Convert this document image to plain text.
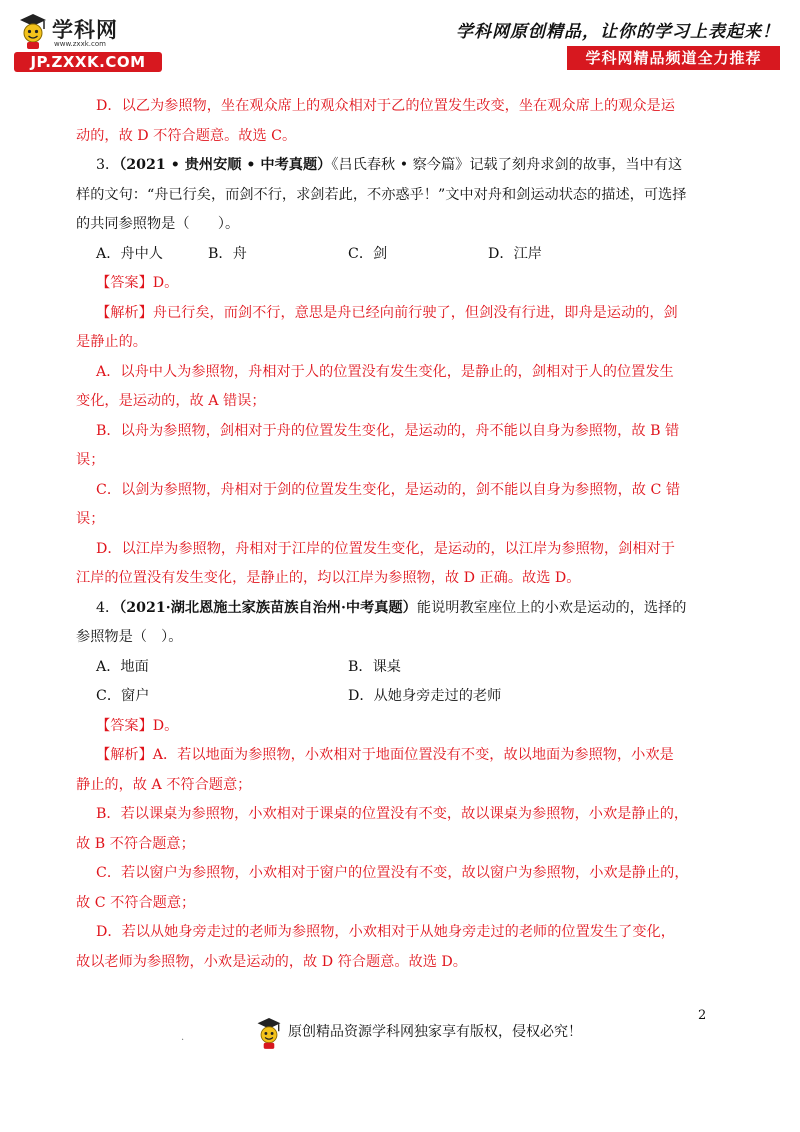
学科网
www.zxxk.com
JP.ZXXK.COM
学科网原创精品，让你的学习上表起来！
学科网精品频道全力推荐

D．以乙为参照物，坐在观众席上的观众相对于乙的位置发生改变，坐在观众席上的观众是运

动的，故 D 不符合题意。故选 C。

3．（2021 • 贵州安顺 • 中考真题）《吕氏春秋 • 察今篇》记载了刻舟求剑的故事，当中有这

样的文句：“舟已行矣，而剑不行，求剑若此，不亦惑乎！”文中对舟和剑运动状态的描述，可选择

的共同参照物是（　　）。

A．舟中人	B．舟	C．剑	D．江岸

【答案】D。

【解析】舟已行矣，而剑不行，意思是舟已经向前行驶了，但剑没有行进，即舟是运动的，剑

是静止的。

A．以舟中人为参照物，舟相对于人的位置没有发生变化，是静止的，剑相对于人的位置发生

变化，是运动的，故 A 错误；

B．以舟为参照物，剑相对于舟的位置发生变化，是运动的，舟不能以自身为参照物，故 B 错

误；

C．以剑为参照物，舟相对于剑的位置发生变化，是运动的，剑不能以自身为参照物，故 C 错

误；

D．以江岸为参照物，舟相对于江岸的位置发生变化，是运动的，以江岸为参照物，剑相对于

江岸的位置没有发生变化，是静止的，均以江岸为参照物，故 D 正确。故选 D。

4．（2021·湖北恩施土家族苗族自治州·中考真题）能说明教室座位上的小欢是运动的，选择的

参照物是（　）。

A．地面	B．课桌
C．窗户	D．从她身旁走过的老师

【答案】D。

【解析】A．若以地面为参照物，小欢相对于地面位置没有不变，故以地面为参照物，小欢是

静止的，故 A 不符合题意；

B．若以课桌为参照物，小欢相对于课桌的位置没有不变，故以课桌为参照物，小欢是静止的，

故 B 不符合题意；

C．若以窗户为参照物，小欢相对于窗户的位置没有不变，故以窗户为参照物，小欢是静止的，

故 C 不符合题意；

D．若以从她身旁走过的老师为参照物，小欢相对于从她身旁走过的老师的位置发生了变化，

故以老师为参照物，小欢是运动的，故 D 符合题意。故选 D。

2
.	原创精品资源学科网独家享有版权，侵权必究！
